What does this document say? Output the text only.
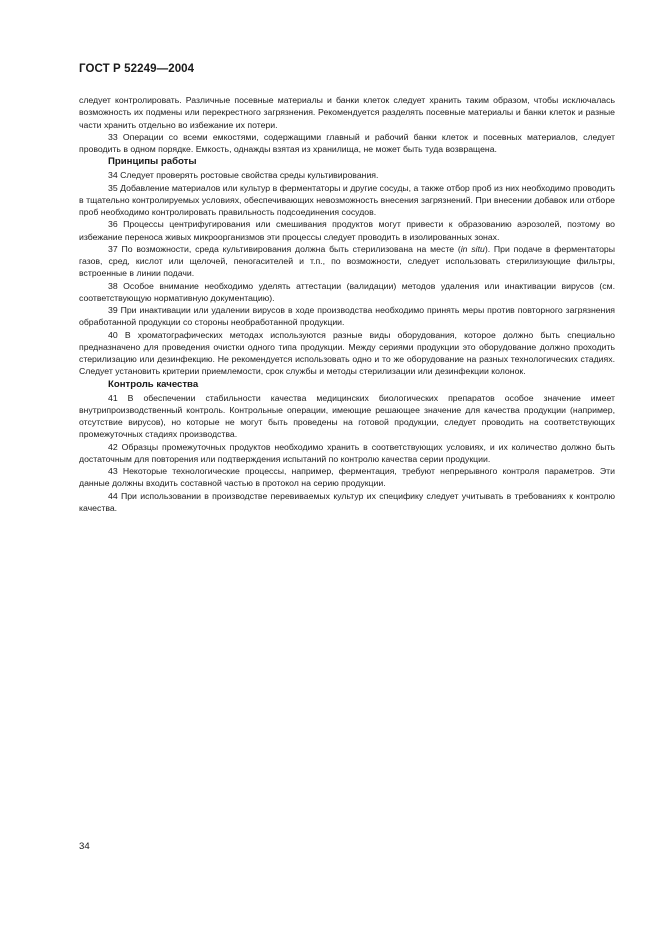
ГОСТ Р 52249—2004

следует контролировать. Различные посевные материалы и банки клеток следует хранить таким образом, чтобы исключалась возможность их подмены или перекрестного загрязнения. Рекомендуется разделять посевные материалы и банки клеток и разные части хранить отдельно во избежание их потери.

33 Операции со всеми емкостями, содержащими главный и рабочий банки клеток и посевных материалов, следует проводить в одном порядке. Емкость, однажды взятая из хранилища, не может быть туда возвращена.

Принципы работы

34 Следует проверять ростовые свойства среды культивирования.

35 Добавление материалов или культур в ферментаторы и другие сосуды, а также отбор проб из них необходимо проводить в тщательно контролируемых условиях, обеспечивающих невозможность внесения загрязнений. При внесении добавок или отборе проб необходимо контролировать правильность подсоединения сосудов.

36 Процессы центрифугирования или смешивания продуктов могут привести к образованию аэрозолей, поэтому во избежание переноса живых микроорганизмов эти процессы следует проводить в изолированных зонах.

37 По возможности, среда культивирования должна быть стерилизована на месте (in situ). При подаче в ферментаторы газов, сред, кислот или щелочей, пеногасителей и т.п., по возможности, следует использовать стерилизующие фильтры, встроенные в линии подачи.

38 Особое внимание необходимо уделять аттестации (валидации) методов удаления или инактивации вирусов (см. соответствующую нормативную документацию).

39 При инактивации или удалении вирусов в ходе производства необходимо принять меры против повторного загрязнения обработанной продукции со стороны необработанной продукции.

40 В хроматографических методах используются разные виды оборудования, которое должно быть специально предназначено для проведения очистки одного типа продукции. Между сериями продукции это оборудование должно проходить стерилизацию или дезинфекцию. Не рекомендуется использовать одно и то же оборудование на разных технологических стадиях. Следует установить критерии приемлемости, срок службы и методы стерилизации или дезинфекции колонок.

Контроль качества

41 В обеспечении стабильности качества медицинских биологических препаратов особое значение имеет внутрипроизводственный контроль. Контрольные операции, имеющие решающее значение для качества продукции (например, отсутствие вирусов), но которые не могут быть проведены на готовой продукции, следует проводить на соответствующих промежуточных стадиях производства.

42 Образцы промежуточных продуктов необходимо хранить в соответствующих условиях, и их количество должно быть достаточным для повторения или подтверждения испытаний по контролю качества серии продукции.

43 Некоторые технологические процессы, например, ферментация, требуют непрерывного контроля параметров. Эти данные должны входить составной частью в протокол на серию продукции.

44 При использовании в производстве перевиваемых культур их специфику следует учитывать в требованиях к контролю качества.

34
